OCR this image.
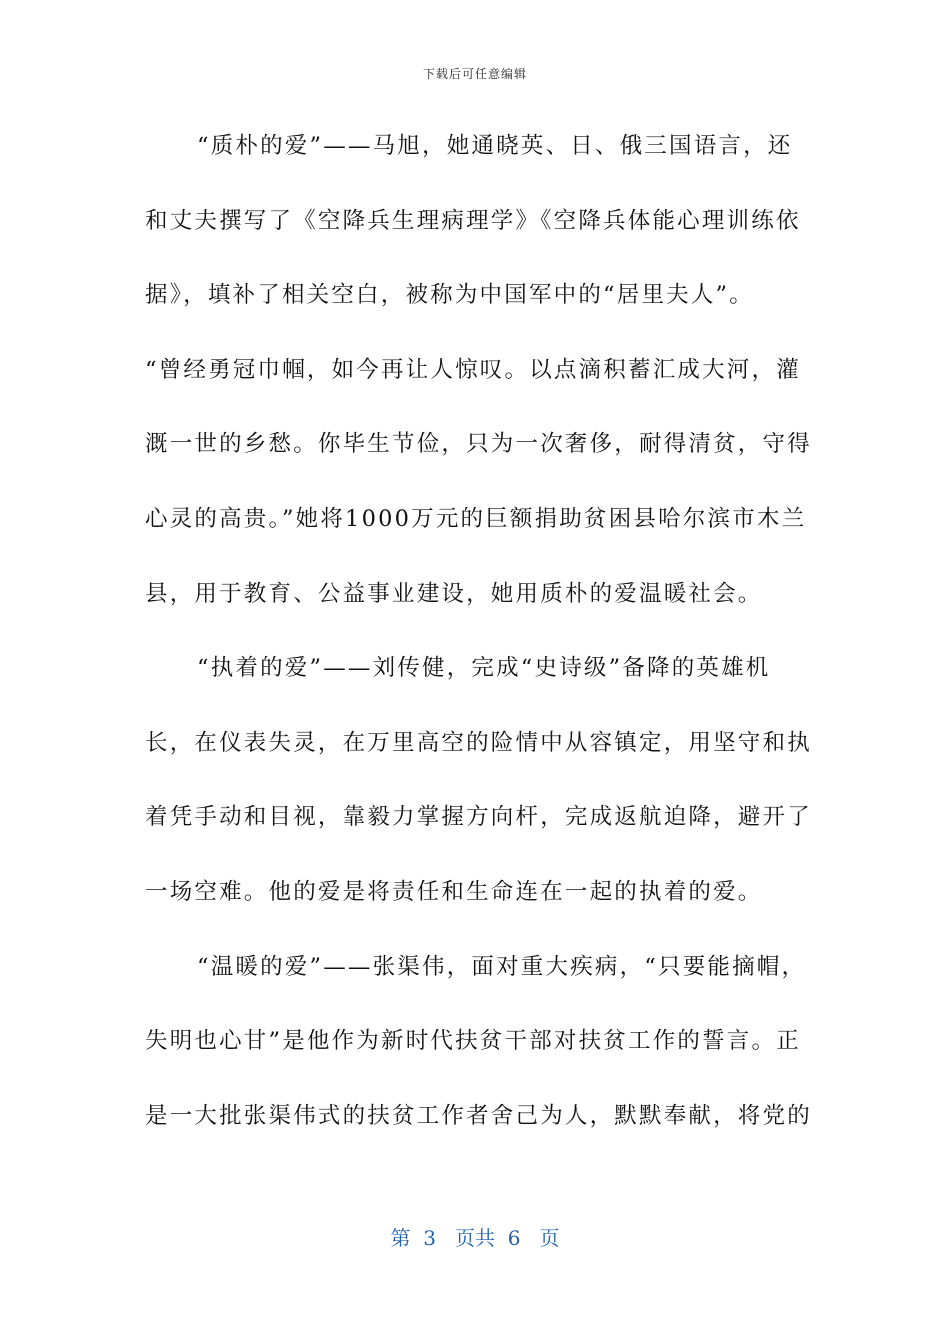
下载后可任意编辑
“质朴的爱”——马旭，她通晓英、日、俄三国语言，还
和丈夫撰写了《空降兵生理病理学》《空降兵体能心理训练依
据》，填补了相关空白，被称为中国军中的“居里夫人”。
“曾经勇冠巾帼，如今再让人惊叹。以点滴积蓄汇成大河，灌
溉一世的乡愁。你毕生节俭，只为一次奢侈，耐得清贫，守得
心灵的高贵。”她将1000万元的巨额捐助贫困县哈尔滨市木兰
县，用于教育、公益事业建设，她用质朴的爱温暖社会。
“执着的爱”——刘传健，完成“史诗级”备降的英雄机
长，在仪表失灵，在万里高空的险情中从容镇定，用坚守和执
着凭手动和目视，靠毅力掌握方向杆，完成返航迫降，避开了
一场空难。他的爱是将责任和生命连在一起的执着的爱。
“温暖的爱”——张渠伟，面对重大疾病，“只要能摘帽，
失明也心甘”是他作为新时代扶贫干部对扶贫工作的誓言。正
是一大批张渠伟式的扶贫工作者舍己为人，默默奉献，将党的
第  3   页共  6   页
